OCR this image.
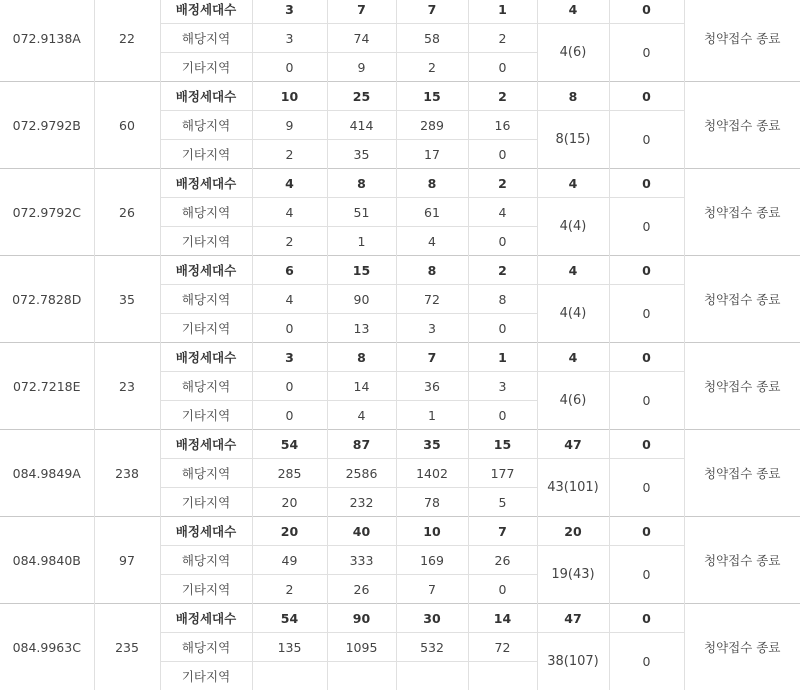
072.9138A	22	배정세대수	3	7	7	1	4	0	청약접수 종료
		해당지역	3	74	58	2	4(6)	0	
		기타지역	0	9	2	0			
072.9792B	60	배정세대수	10	25	15	2	8	0	청약접수 종료
		해당지역	9	414	289	16	8(15)	0	
		기타지역	2	35	17	0			
072.9792C	26	배정세대수	4	8	8	2	4	0	청약접수 종료
		해당지역	4	51	61	4	4(4)	0	
		기타지역	2	1	4	0			
072.7828D	35	배정세대수	6	15	8	2	4	0	청약접수 종료
		해당지역	4	90	72	8	4(4)	0	
		기타지역	0	13	3	0			
072.7218E	23	배정세대수	3	8	7	1	4	0	청약접수 종료
		해당지역	0	14	36	3	4(6)	0	
		기타지역	0	4	1	0			
084.9849A	238	배정세대수	54	87	35	15	47	0	청약접수 종료
		해당지역	285	2586	1402	177	43(101)	0	
		기타지역	20	232	78	5			
084.9840B	97	배정세대수	20	40	10	7	20	0	청약접수 종료
		해당지역	49	333	169	26	19(43)	0	
		기타지역	2	26	7	0			
084.9963C	235	배정세대수	54	90	30	14	47	0	청약접수 종료
		해당지역	135	1095	532	72	38(107)	0	
		기타지역							
